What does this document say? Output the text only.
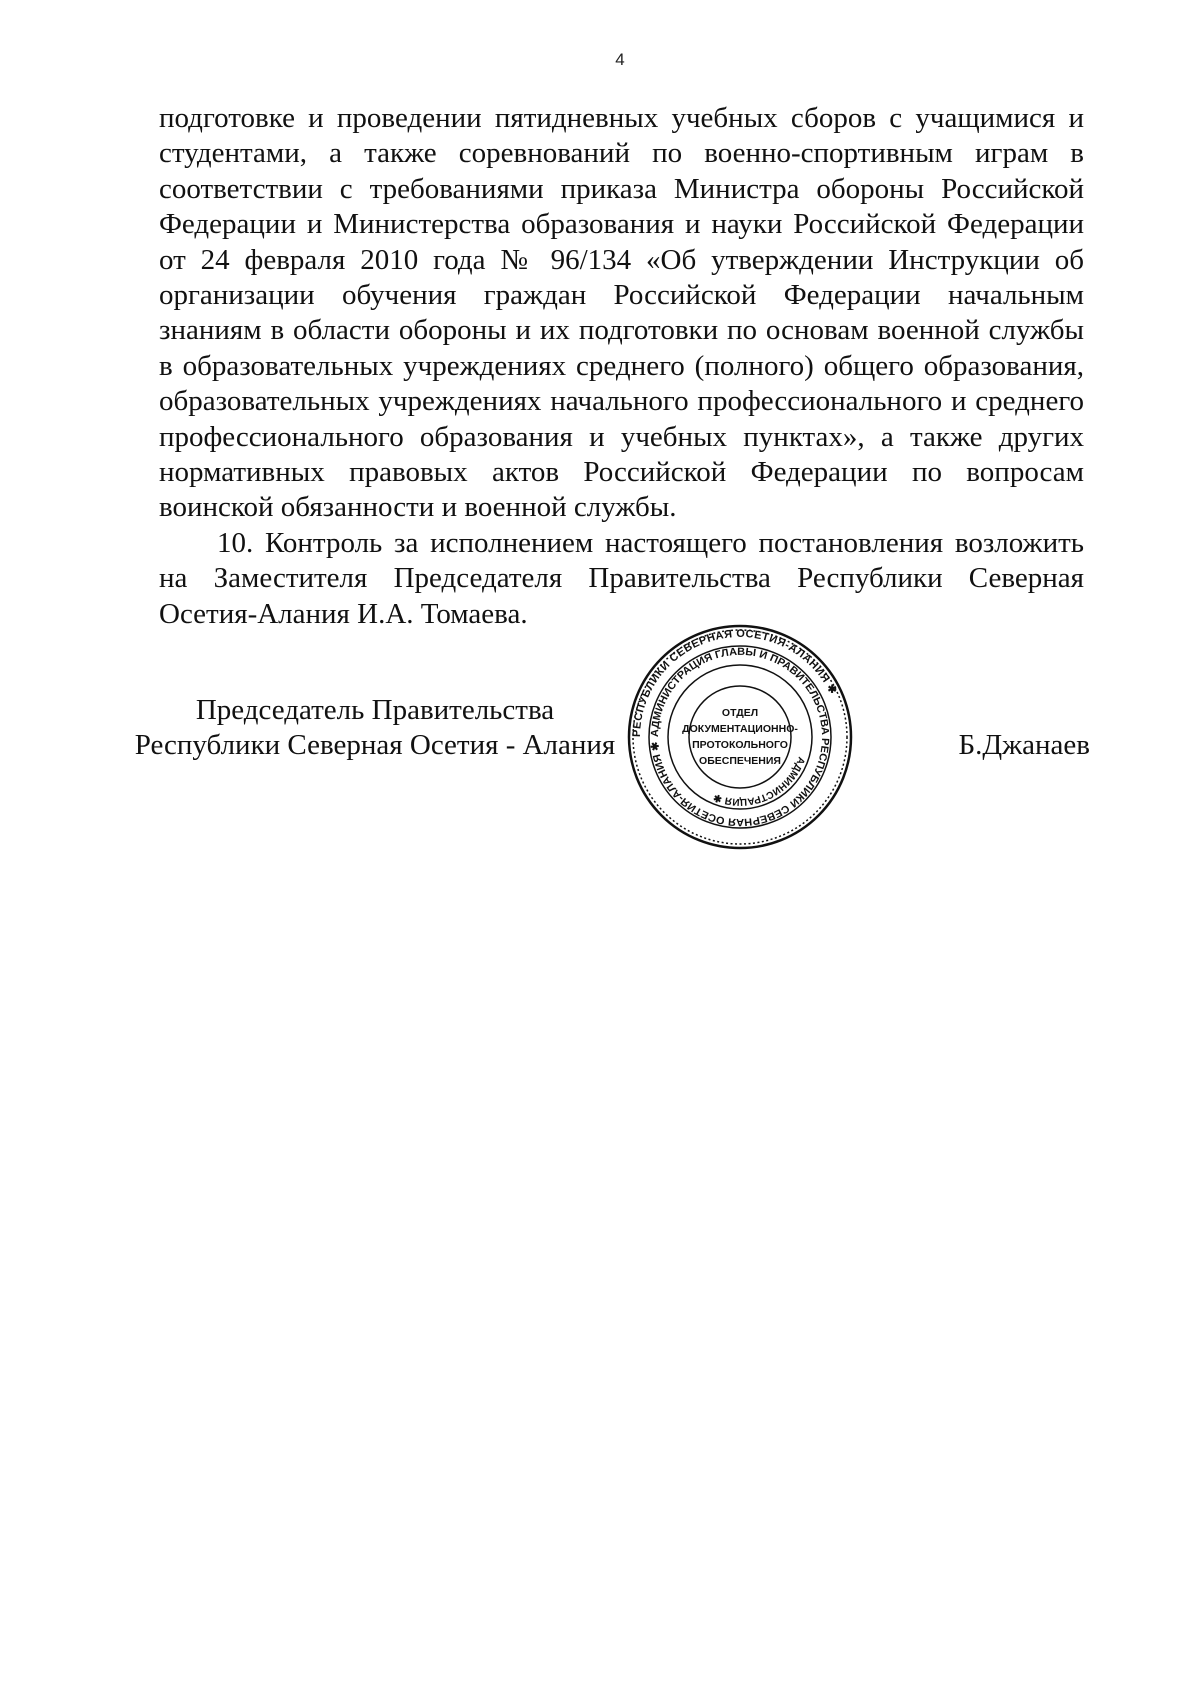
4

подготовке и проведении пятидневных учебных сборов с учащимися и студентами, а также соревнований по военно-спортивным играм в соответствии с требованиями приказа Министра обороны Российской Федерации и Министерства образования и науки Российской Федерации от 24 февраля 2010 года № 96/134 «Об утверждении Инструкции об организации обучения граждан Российской Федерации начальным знаниям в области обороны и их подготовки по основам военной службы в образовательных учреждениях среднего (полного) общего образования, образовательных учреждениях начального профессионального и среднего профессионального образования и учебных пунктах», а также других нормативных правовых актов Российской Федерации по вопросам воинской обязанности и военной службы.

10. Контроль за исполнением настоящего постановления возложить на Заместителя Председателя Правительства Республики Северная Осетия-Алания И.А. Томаева.

Председатель Правительства
Республики Северная Осетия - Алания	Б.Джанаев
РЕСПУБЛИКИ СЕВЕРНАЯ ОСЕТИЯ-АЛАНИЯ ✱
АДМИНИСТРАЦИЯ ГЛАВЫ И ПРАВИТЕЛЬСТВА РЕСПУБЛИКИ СЕВЕРНАЯ ОСЕТИЯ-АЛАНИЯ ✱
АДМИНИСТРАЦИЯ ✱
ОТДЕЛ
ДОКУМЕНТАЦИОННО-
ПРОТОКОЛЬНОГО
ОБЕСПЕЧЕНИЯ
